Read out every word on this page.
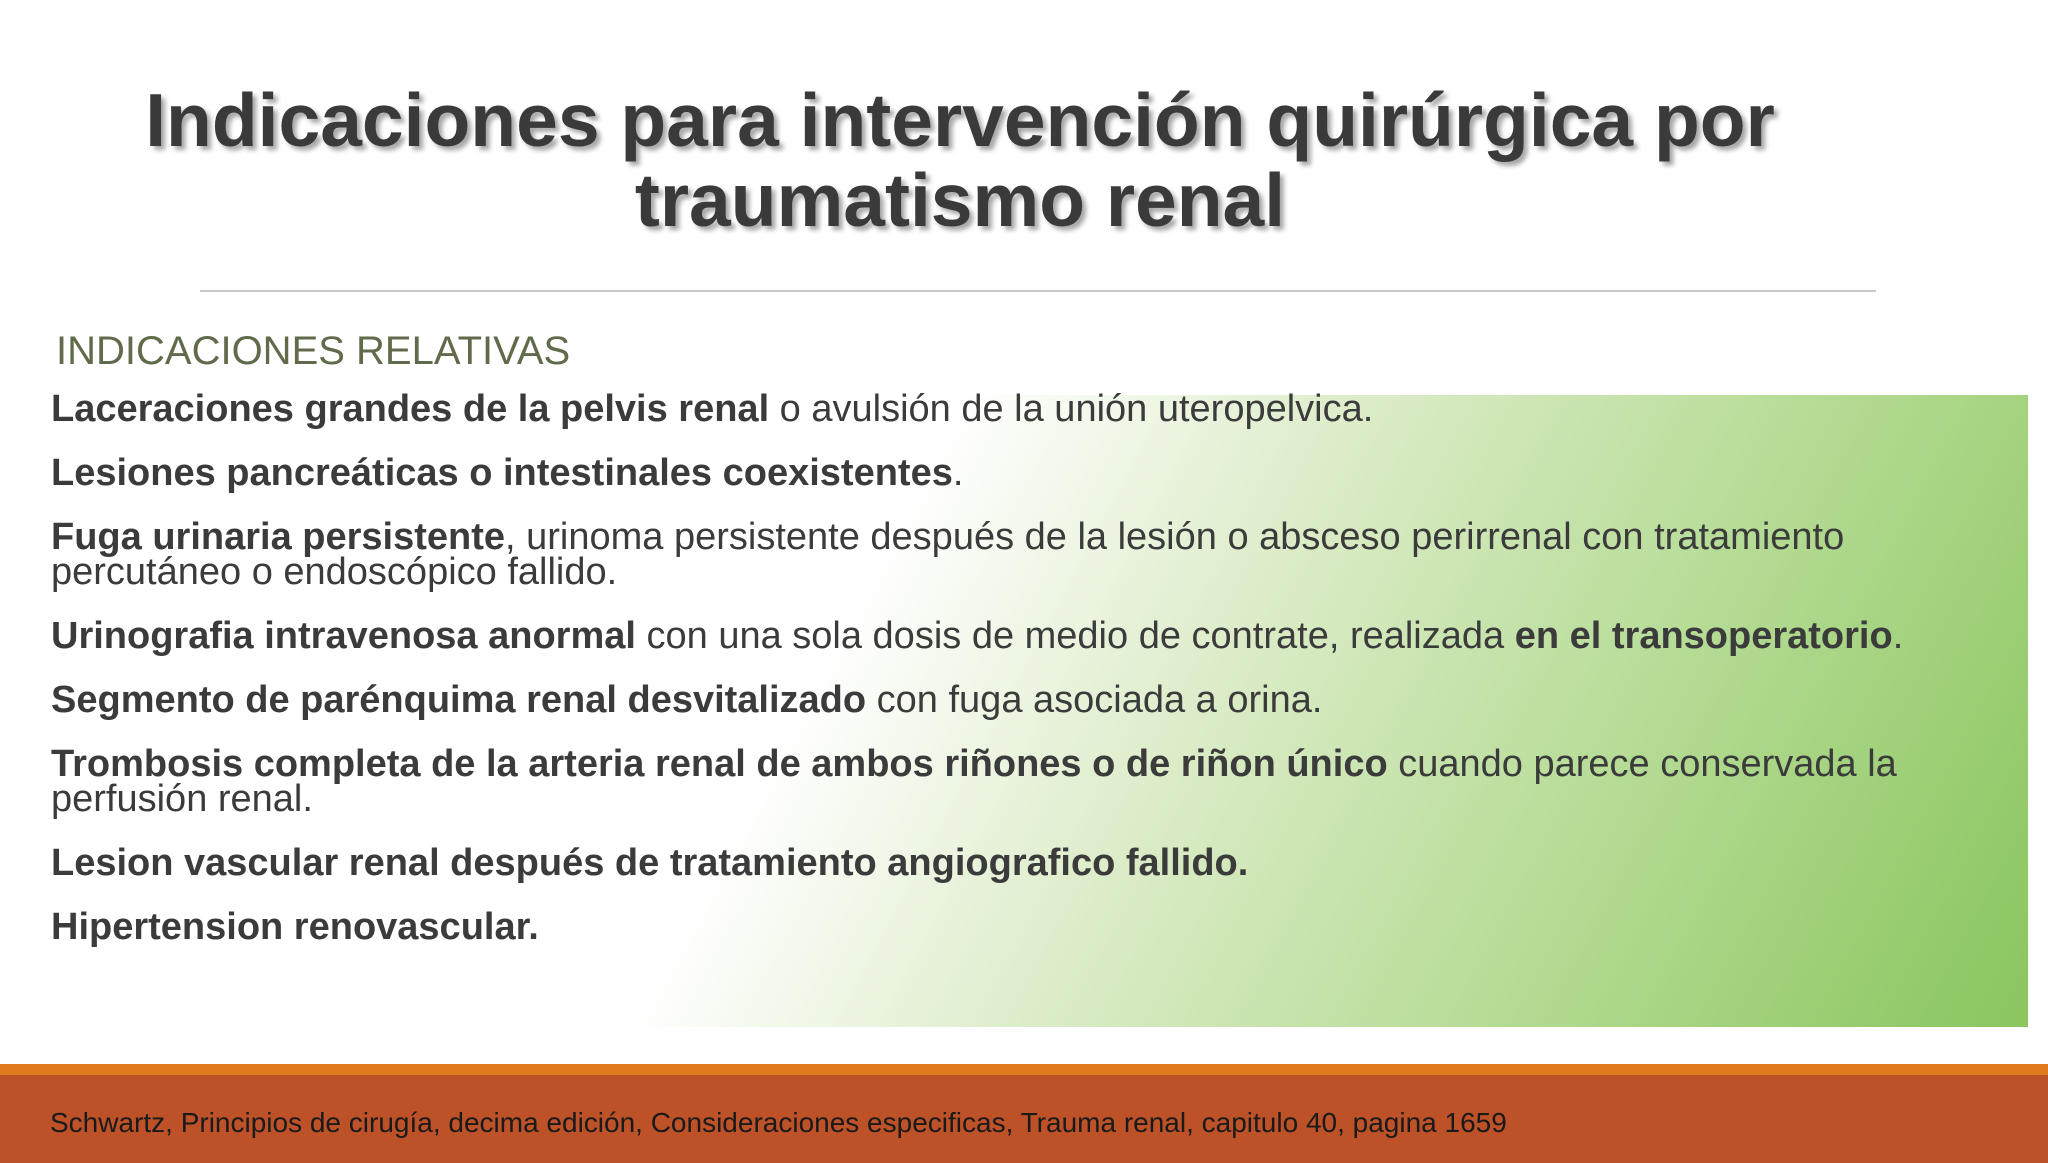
Indicaciones para intervención quirúrgica por
traumatismo renal
INDICACIONES RELATIVAS
Laceraciones grandes de la pelvis renal o avulsión de la unión uteropelvica.
Lesiones pancreáticas o intestinales coexistentes.
Fuga urinaria persistente, urinoma persistente después de la lesión o absceso perirrenal con tratamiento percutáneo o endoscópico fallido.
Urinografia intravenosa anormal con una sola dosis de medio de contrate, realizada en el transoperatorio.
Segmento de parénquima renal desvitalizado con fuga asociada a orina.
Trombosis completa de la arteria renal de ambos riñones o de riñon único cuando parece conservada la perfusión renal.
Lesion vascular renal después de tratamiento angiografico fallido.
Hipertension renovascular.

Schwartz, Principios de cirugía, decima edición, Consideraciones especificas, Trauma renal, capitulo 40, pagina 1659
